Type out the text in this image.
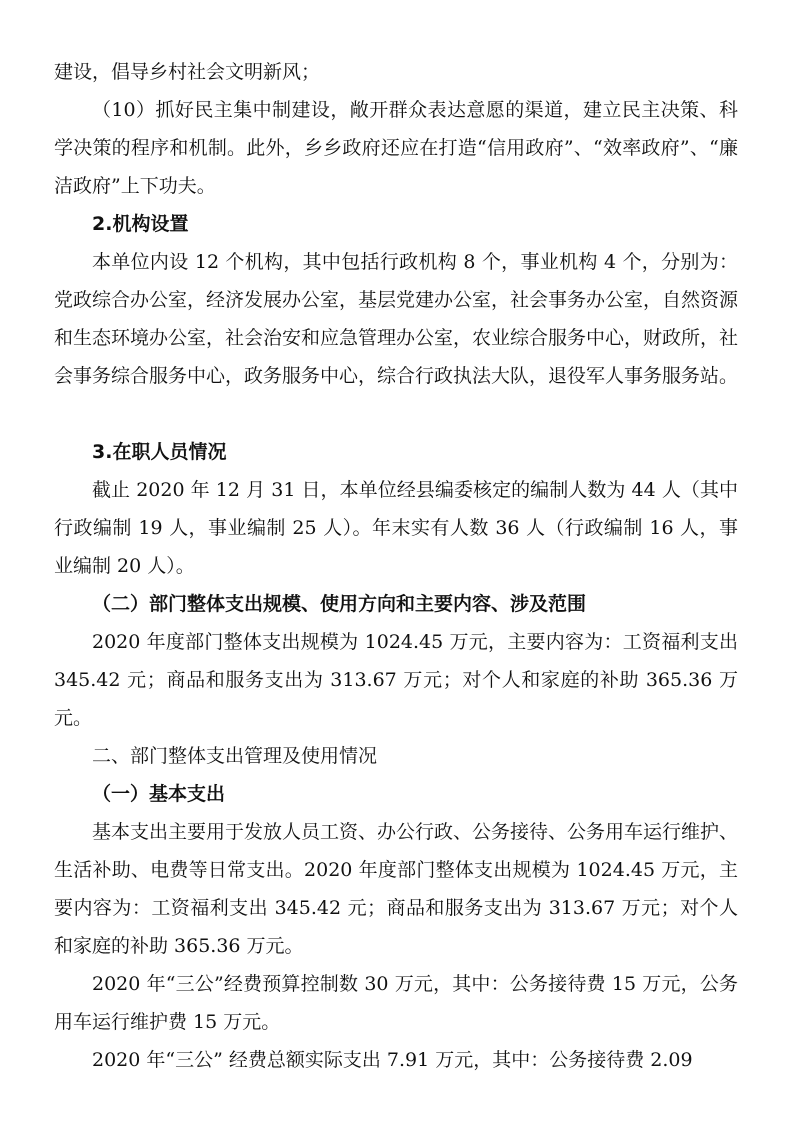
建设，倡导乡村社会文明新风；

（10）抓好民主集中制建设，敞开群众表达意愿的渠道，建立民主决策、科学决策的程序和机制。此外，乡乡政府还应在打造“信用政府”、“效率政府”、“廉洁政府”上下功夫。

2.机构设置

本单位内设 12 个机构，其中包括行政机构 8 个，事业机构 4 个，分别为：党政综合办公室，经济发展办公室，基层党建办公室，社会事务办公室，自然资源和生态环境办公室，社会治安和应急管理办公室，农业综合服务中心，财政所，社会事务综合服务中心，政务服务中心，综合行政执法大队，退役军人事务服务站。

3.在职人员情况

截止 2020 年 12 月 31 日，本单位经县编委核定的编制人数为 44 人（其中行政编制 19 人，事业编制 25 人）。年末实有人数 36 人（行政编制 16 人，事业编制 20 人）。

（二）部门整体支出规模、使用方向和主要内容、涉及范围

2020 年度部门整体支出规模为 1024.45 万元，主要内容为：工资福利支出 345.42 元；商品和服务支出为 313.67 万元；对个人和家庭的补助 365.36 万元。

二、部门整体支出管理及使用情况

（一）基本支出

基本支出主要用于发放人员工资、办公行政、公务接待、公务用车运行维护、生活补助、电费等日常支出。2020 年度部门整体支出规模为 1024.45 万元，主要内容为：工资福利支出 345.42 元；商品和服务支出为 313.67 万元；对个人和家庭的补助 365.36 万元。

2020 年“三公”经费预算控制数 30 万元，其中：公务接待费 15 万元，公务用车运行维护费 15 万元。

2020 年“三公” 经费总额实际支出 7.91 万元，其中：公务接待费 2.09
